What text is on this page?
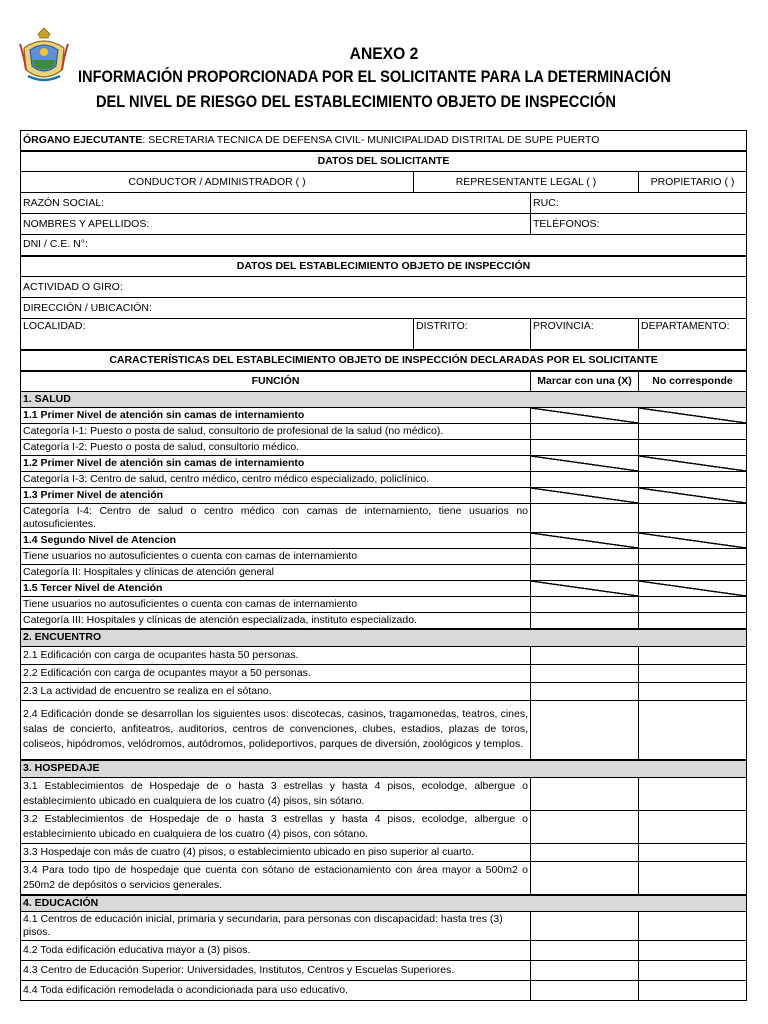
ANEXO 2
INFORMACIÓN PROPORCIONADA POR EL SOLICITANTE PARA LA DETERMINACIÓN
DEL NIVEL DE RIESGO DEL ESTABLECIMIENTO OBJETO DE INSPECCIÓN
ÓRGANO EJECUTANTE: SECRETARIA TECNICA DE DEFENSA CIVIL- MUNICIPALIDAD DISTRITAL DE SUPE PUERTO			
DATOS DEL SOLICITANTE			
CONDUCTOR / ADMINISTRADOR ( )	REPRESENTANTE LEGAL ( )		PROPIETARIO ( )
RAZÓN SOCIAL:		RUC:	
NOMBRES Y APELLIDOS:		TELÉFONOS:	
DNI / C.E. N°:			
DATOS DEL ESTABLECIMIENTO OBJETO DE INSPECCIÓN			
ACTIVIDAD O GIRO:			
DIRECCIÓN / UBICACIÓN:			
LOCALIDAD:	DISTRITO:	PROVINCIA:	DEPARTAMENTO:
CARACTERÍSTICAS DEL ESTABLECIMIENTO OBJETO DE INSPECCIÓN DECLARADAS POR EL SOLICITANTE			
FUNCIÓN		Marcar con una (X)	No corresponde
1. SALUD			
1.1 Primer Nivel de atención sin camas de internamiento			
Categoría I-1: Puesto o posta de salud, consultorio de profesional de la salud (no médico).			
Categoría I-2: Puesto o posta de salud, consultorio médico.			
1.2 Primer Nivel de atención sin camas de internamiento			
Categoría I-3: Centro de salud, centro médico, centro médico especializado, policlínico.			
1.3 Primer Nivel de atención			
Categoría I-4: Centro de salud o centro médico con camas de internamiento, tiene usuarios no autosuficientes.			
1.4 Segundo Nivel de Atencion			
Tiene usuarios no autosuficientes o cuenta con camas de internamiento			
Categoría II: Hospitales y clínicas de atención general			
1.5 Tercer Nivel de Atención			
Tiene usuarios no autosuficientes o cuenta con camas de internamiento			
Categoría III: Hospitales y clínicas de atención especializada, instituto especializado.			
2. ENCUENTRO			
2.1 Edificación con carga de ocupantes hasta 50 personas.			
2.2 Edificación con carga de ocupantes mayor a 50 personas.			
2.3 La actividad de encuentro se realiza en el sótano.			
2.4 Edificación donde se desarrollan los siguientes usos: discotecas, casinos, tragamonedas, teatros, cines, salas de concierto, anfiteatros, auditorios, centros de convenciones, clubes, estadios, plazas de toros, coliseos, hipódromos, velódromos, autódromos, polideportivos, parques de diversión, zoológicos y templos.			
3. HOSPEDAJE			
3.1 Establecimientos de Hospedaje de o hasta 3 estrellas y hasta 4 pisos, ecolodge, albergue o establecimiento ubicado en cualquiera de los cuatro (4) pisos, sin sótano.			
3.2 Establecimientos de Hospedaje de o hasta 3 estrellas y hasta 4 pisos, ecolodge, albergue o establecimiento ubicado en cualquiera de los cuatro (4) pisos, con sótano.			
3.3 Hospedaje con más de cuatro (4) pisos, o establecimiento ubicado en piso superior al cuarto.			
3.4 Para todo tipo de hospedaje que cuenta con sótano de estacionamiento con área mayor a 500m2 o 250m2 de depósitos o servicios generales.			
4. EDUCACIÓN			
4.1 Centros de educación inicial, primaria y secundaria, para personas con discapacidad: hasta tres (3) pisos.			
4.2 Toda edificación educativa mayor a (3) pisos.			
4.3 Centro de Educación Superior: Universidades, Institutos, Centros y Escuelas Superiores.			
4.4 Toda edificación remodelada o acondicionada para uso educativo.			
